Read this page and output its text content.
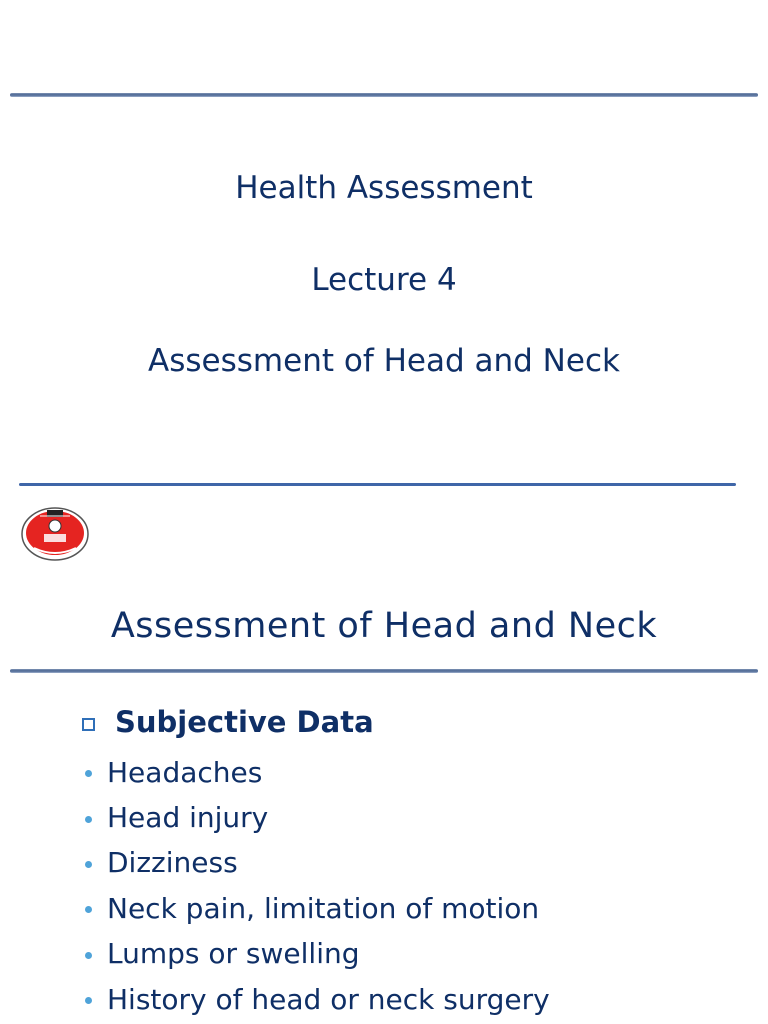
Health Assessment
Lecture 4
Assessment of Head and Neck
Assessment of Head and Neck
Subjective Data
Headaches
Head injury
Dizziness
Neck pain, limitation of motion
Lumps or swelling
History of head or neck surgery
